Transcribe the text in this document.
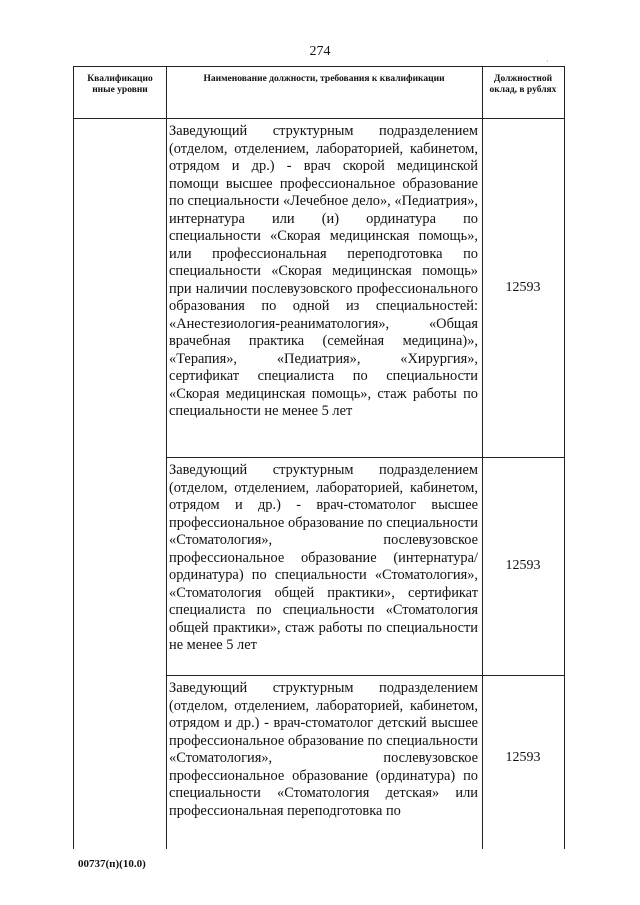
274
·
Квалификацио нные уровни
Наименование должности, требования к квалификации	Должностной оклад, в рублях

Заведующий структурным подразделением (отделом, отделением, лабораторией, кабинетом, отрядом и др.) - врач скорой медицинской помощи высшее профессиональное образование по специальности «Лечебное дело», «Педиатрия», интернатура или (и) ординатура по специальности «Скорая медицинская помощь», или профессиональная переподготовка по специальности «Скорая медицинская помощь» при наличии послевузовского профессионального образования по одной из специальностей: «Анестезиология-реаниматология», «Общая врачебная практика (семейная медицина)», «Терапия», «Педиатрия», «Хирургия», сертификат специалиста по специальности «Скорая медицинская помощь», стаж работы по специальности не менее 5 лет

12593

Заведующий структурным подразделением (отделом, отделением, лабораторией, кабинетом, отрядом и др.) - врач-стоматолог высшее профессиональное образование по специальности «Стоматология», послевузовское профессиональное образование (интернатура/ординатура) по специальности «Стоматология», «Стоматология общей практики», сертификат специалиста по специальности «Стоматология общей практики», стаж работы по специальности не менее 5 лет

12593

Заведующий структурным подразделением (отделом, отделением, лабораторией, кабинетом, отрядом и др.) - врач-стоматолог детский высшее профессиональное образование по специальности «Стоматология», послевузовское профессиональное образование (ординатура) по специальности «Стоматология детская» или профессиональная переподготовка по

12593
00737(п)(10.0)
